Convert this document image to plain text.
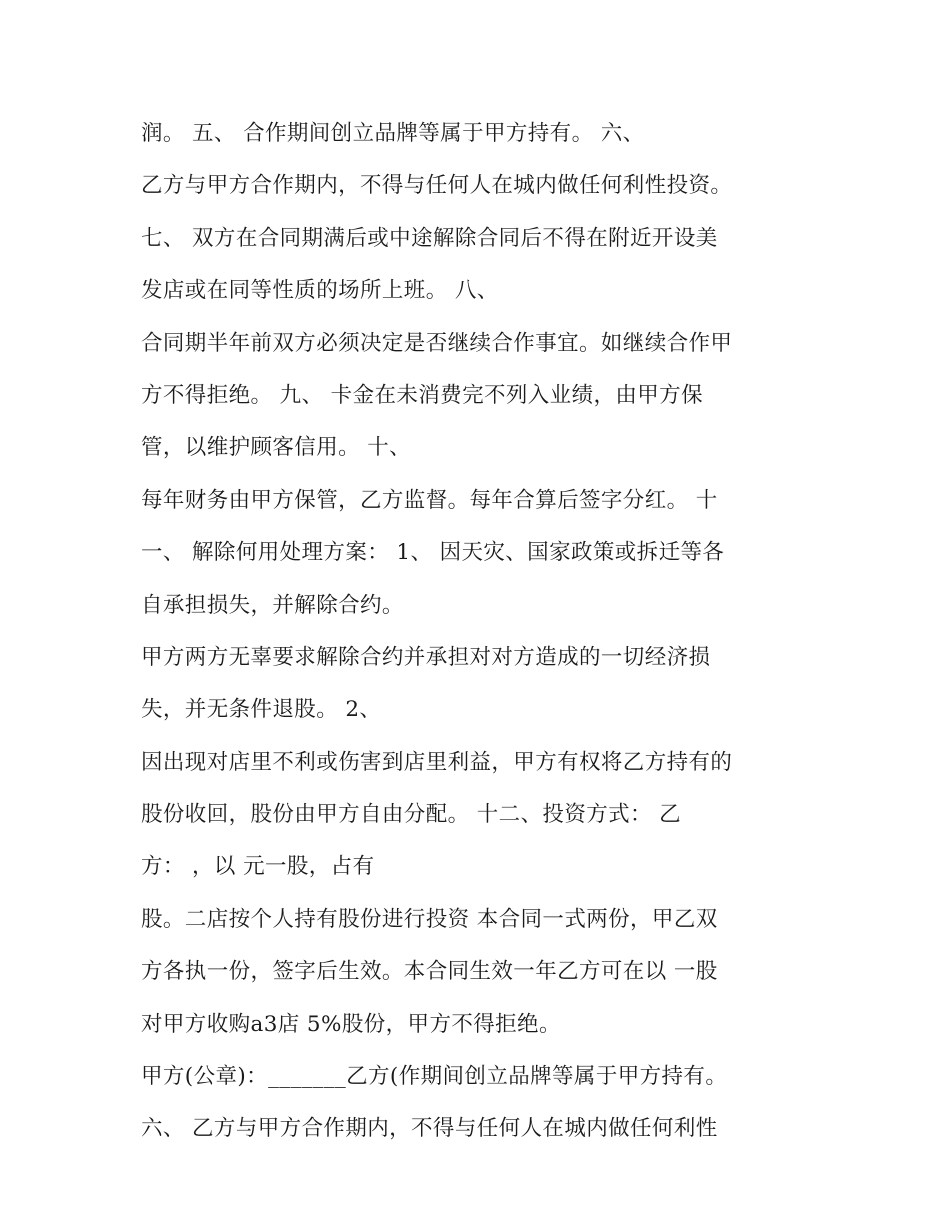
润。 五、 合作期间创立品牌等属于甲方持有。 六、
乙方与甲方合作期内，不得与任何人在城内做任何利性投资。
七、 双方在合同期满后或中途解除合同后不得在附近开设美
发店或在同等性质的场所上班。 八、
合同期半年前双方必须决定是否继续合作事宜。如继续合作甲
方不得拒绝。 九、 卡金在未消费完不列入业绩，由甲方保
管，以维护顾客信用。 十、
每年财务由甲方保管，乙方监督。每年合算后签字分红。 十
一、 解除何用处理方案： 1、 因天灾、国家政策或拆迁等各
自承担损失，并解除合约。
甲方两方无辜要求解除合约并承担对对方造成的一切经济损
失，并无条件退股。 2、
因出现对店里不利或伤害到店里利益，甲方有权将乙方持有的
股份收回，股份由甲方自由分配。 十二、投资方式： 乙
方： ，以 元一股，占有
股。二店按个人持有股份进行投资 本合同一式两份，甲乙双
方各执一份，签字后生效。本合同生效一年乙方可在以 一股
对甲方收购a3店 5%股份，甲方不得拒绝。
甲方(公章)：_______乙方(作期间创立品牌等属于甲方持有。
六、 乙方与甲方合作期内，不得与任何人在城内做任何利性
